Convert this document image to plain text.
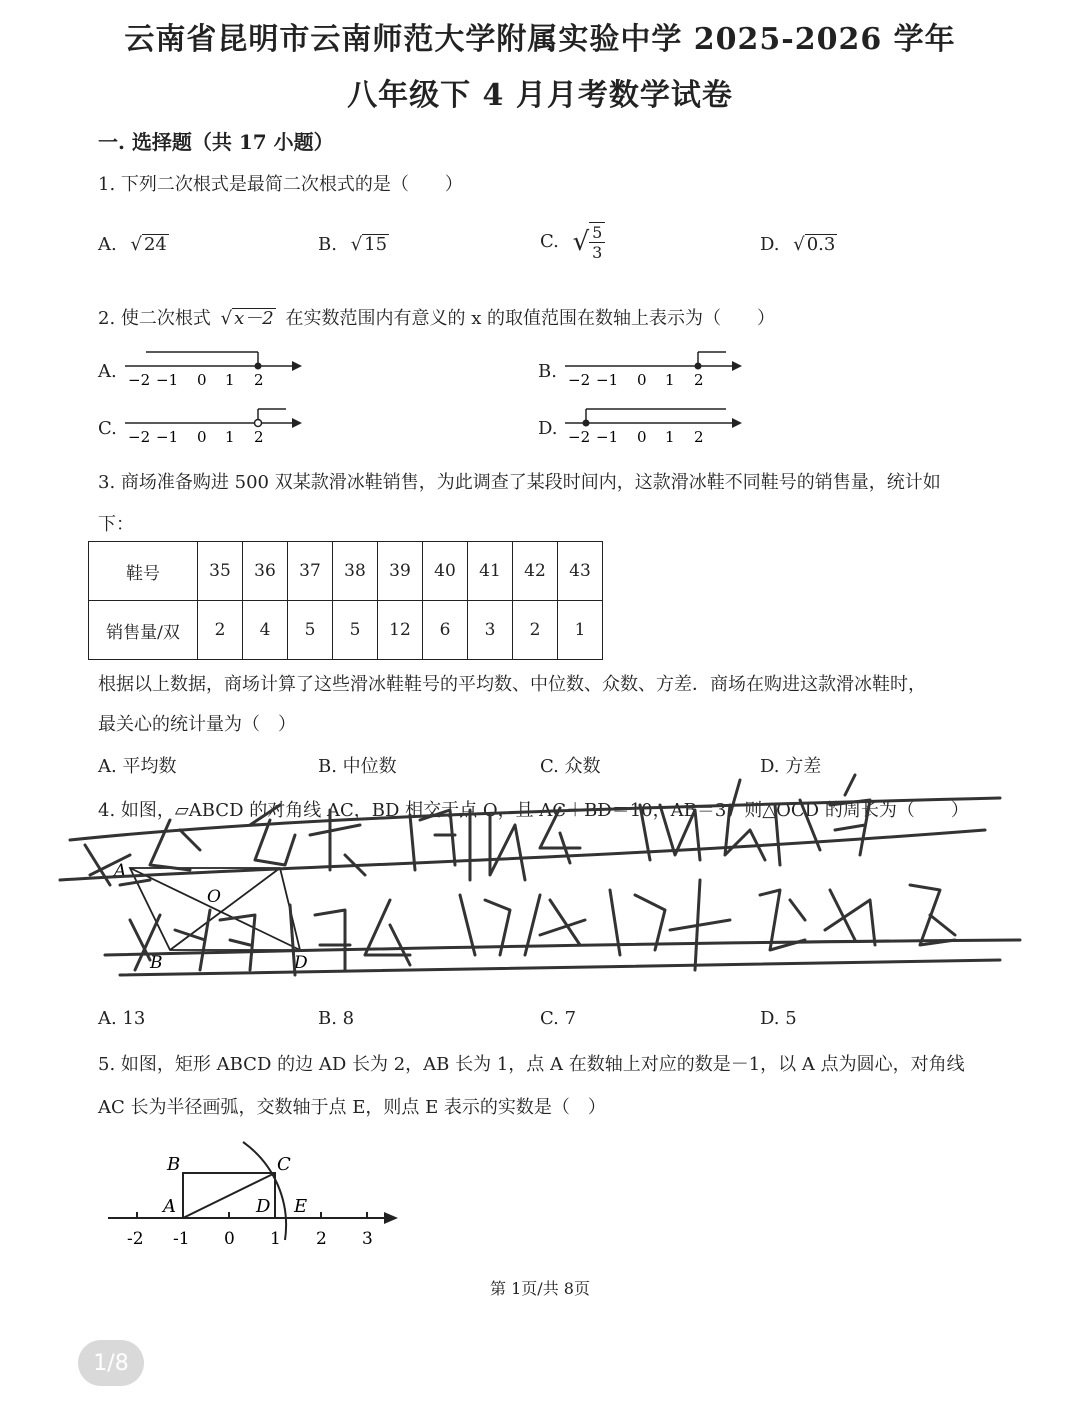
云南省昆明市云南师范大学附属实验中学 2025-2026 学年
八年级下 4 月月考数学试卷
一. 选择题（共 17 小题）
1. 下列二次根式是最简二次根式的是（　　）
A. √ 24	B. √ 15	C. √ $\frac{5}{3}$	D. √ 0.3
2. 使二次根式 √ x－2 在实数范围内有意义的 x 的取值范围在数轴上表示为（　　）
A.	B.
C.	D.
−2 −1 0 1 2	−2 −1 0 1 2
−2 −1 0 1 2	−2 −1 0 1 2
3. 商场准备购进 500 双某款滑冰鞋销售，为此调查了某段时间内，这款滑冰鞋不同鞋号的销售量，统计如
下：
鞋号	35	36	37	38	39	40	41	42	43
销售量/双	2	4	5	5	12	6	3	2	1
根据以上数据，商场计算了这些滑冰鞋鞋号的平均数、中位数、众数、方差．商场在购进这款滑冰鞋时，
最关心的统计量为（　）
A. 平均数	B. 中位数	C. 众数	D. 方差
4. 如图，▱ABCD 的对角线 AC，BD 相交于点 O，且 AC＋BD＝10，AB＝3，则△OCD 的周长为（　　）
A
O
B	D
A. 13	B. 8	C. 7	D. 5
5. 如图，矩形 ABCD 的边 AD 长为 2，AB 长为 1，点 A 在数轴上对应的数是－1，以 A 点为圆心，对角线
AC 长为半径画弧，交数轴于点 E，则点 E 表示的实数是（　）
B	C
A	D E
-2 -1 0 1 2 3
第 1页/共 8页
1/8
